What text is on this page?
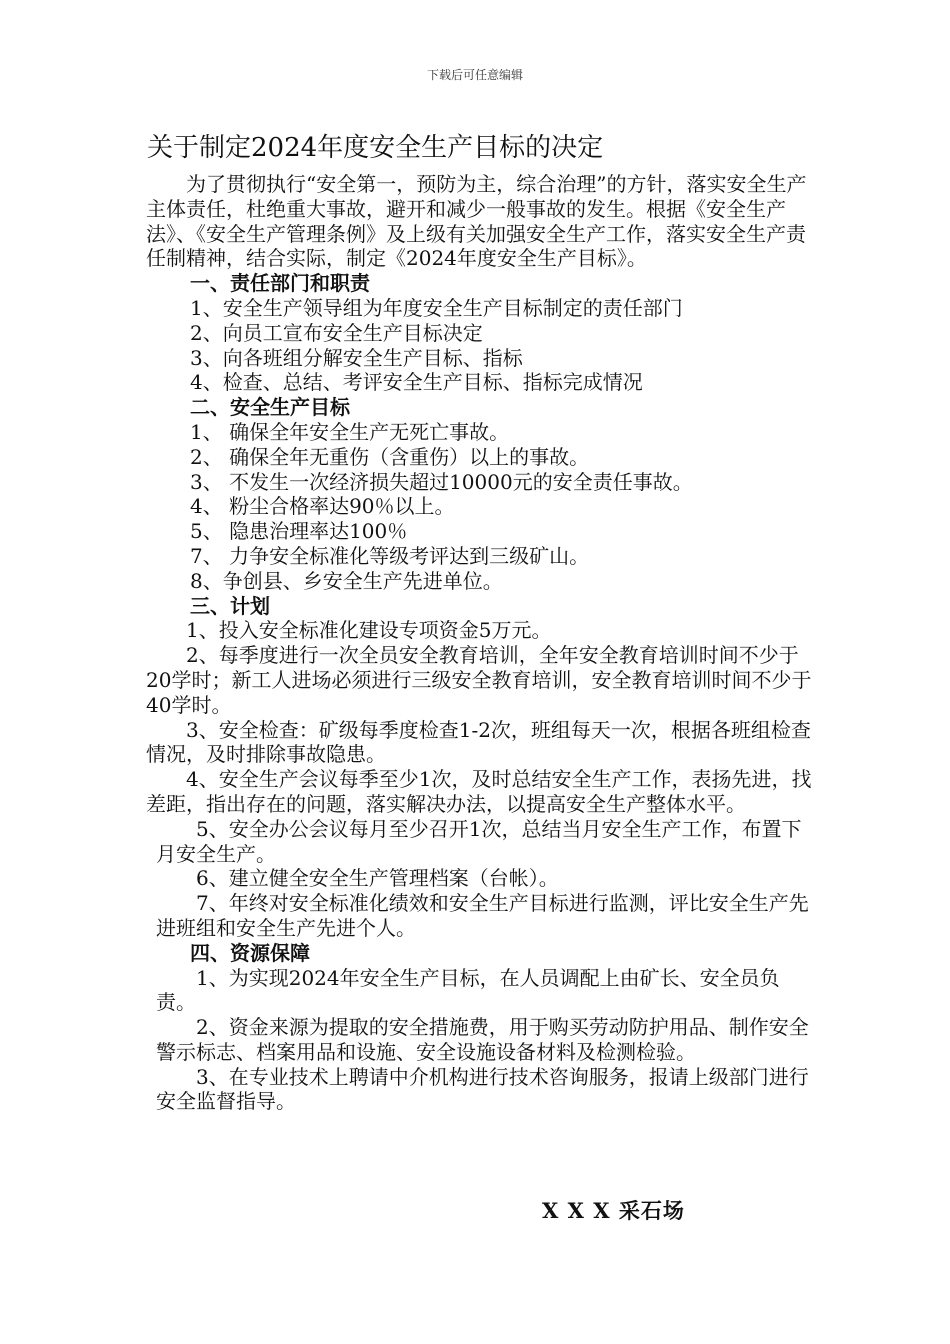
下载后可任意编辑
关于制定2024年度安全生产目标的决定

为了贯彻执行“安全第一，预防为主，综合治理”的方针，落实安全生产主体责任，杜绝重大事故，避开和减少一般事故的发生。根据《安全生产法》、《安全生产管理条例》及上级有关加强安全生产工作，落实安全生产责任制精神，结合实际，制定《2024年度安全生产目标》。

一、责任部门和职责

1、安全生产领导组为年度安全生产目标制定的责任部门

2、向员工宣布安全生产目标决定

3、向各班组分解安全生产目标、指标

4、检查、总结、考评安全生产目标、指标完成情况

二、安全生产目标

1、 确保全年安全生产无死亡事故。

2、 确保全年无重伤（含重伤）以上的事故。

3、 不发生一次经济损失超过10000元的安全责任事故。

4、 粉尘合格率达90％以上。

5、 隐患治理率达100％

7、 力争安全标准化等级考评达到三级矿山。

8、争创县、乡安全生产先进单位。

三、计划

1、投入安全标准化建设专项资金5万元。

2、每季度进行一次全员安全教育培训，全年安全教育培训时间不少于20学时；新工人进场必须进行三级安全教育培训，安全教育培训时间不少于40学时。

3、安全检查：矿级每季度检查1-2次，班组每天一次，根据各班组检查情况，及时排除事故隐患。

4、安全生产会议每季至少1次，及时总结安全生产工作，表扬先进，找差距，指出存在的问题，落实解决办法，以提高安全生产整体水平。

5、安全办公会议每月至少召开1次，总结当月安全生产工作，布置下月安全生产。

6、建立健全安全生产管理档案（台帐）。

7、年终对安全标准化绩效和安全生产目标进行监测，评比安全生产先进班组和安全生产先进个人。

四、资源保障

1、为实现2024年安全生产目标，在人员调配上由矿长、安全员负责。

2、资金来源为提取的安全措施费，用于购买劳动防护用品、制作安全警示标志、档案用品和设施、安全设施设备材料及检测检验。

3、在专业技术上聘请中介机构进行技术咨询服务，报请上级部门进行安全监督指导。

X X X 采石场
